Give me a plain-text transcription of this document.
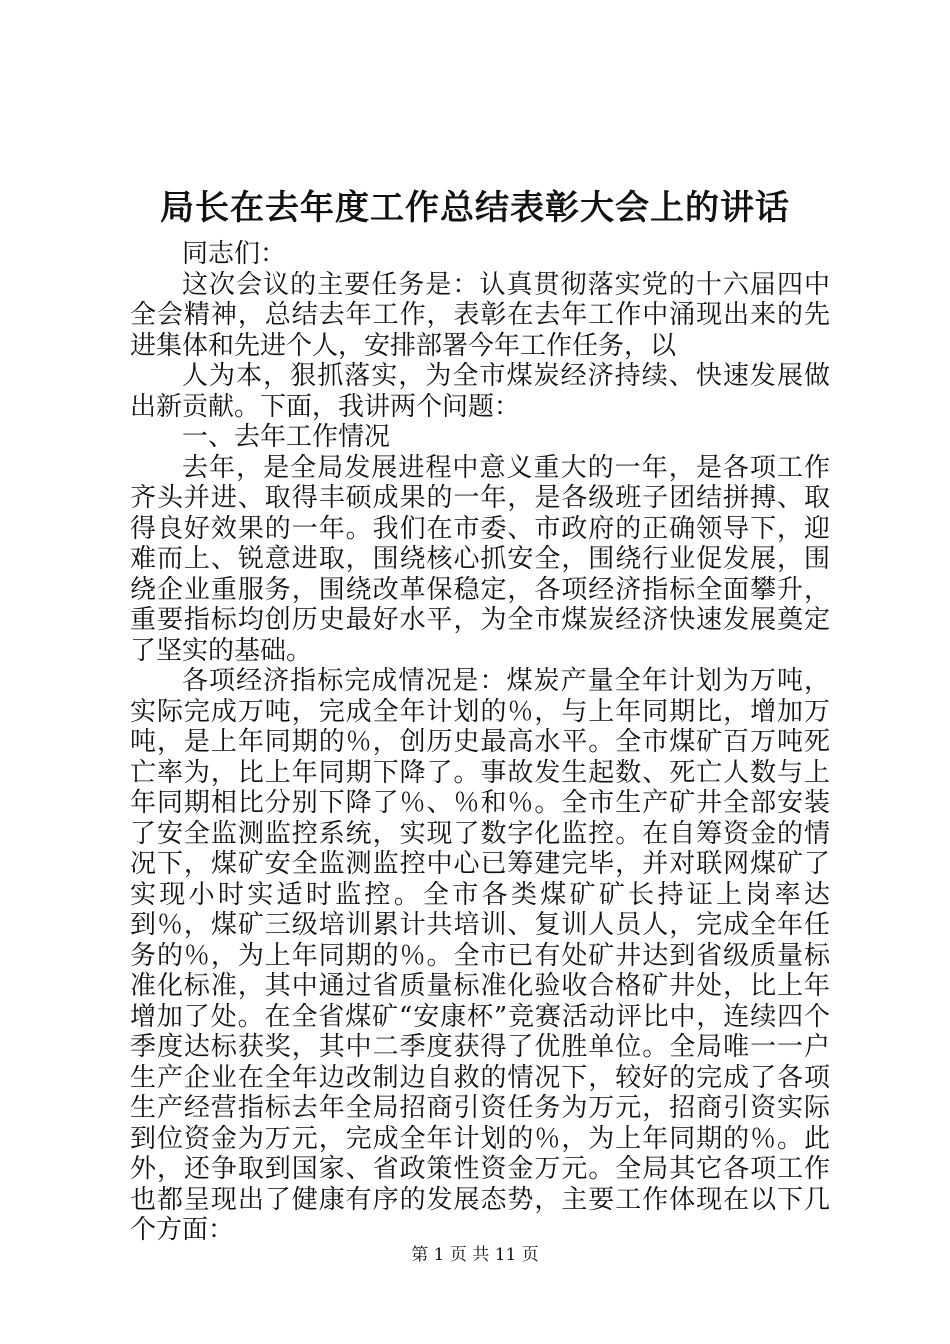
局长在去年度工作总结表彰大会上的讲话

同志们：

这次会议的主要任务是：认真贯彻落实党的十六届四中全会精神，总结去年工作，表彰在去年工作中涌现出来的先进集体和先进个人，安排部署今年工作任务，以

人为本，狠抓落实，为全市煤炭经济持续、快速发展做出新贡献。下面，我讲两个问题：

一、去年工作情况

去年，是全局发展进程中意义重大的一年，是各项工作齐头并进、取得丰硕成果的一年，是各级班子团结拼搏、取得良好效果的一年。我们在市委、市政府的正确领导下，迎难而上、锐意进取，围绕核心抓安全，围绕行业促发展，围绕企业重服务，围绕改革保稳定，各项经济指标全面攀升，重要指标均创历史最好水平，为全市煤炭经济快速发展奠定了坚实的基础。

各项经济指标完成情况是：煤炭产量全年计划为万吨，实际完成万吨，完成全年计划的％，与上年同期比，增加万吨，是上年同期的％，创历史最高水平。全市煤矿百万吨死亡率为，比上年同期下降了。事故发生起数、死亡人数与上年同期相比分别下降了％、％和％。全市生产矿井全部安装了安全监测监控系统，实现了数字化监控。在自筹资金的情况下，煤矿安全监测监控中心已筹建完毕，并对联网煤矿了实现小时实适时监控。全市各类煤矿矿长持证上岗率达到％，煤矿三级培训累计共培训、复训人员人，完成全年任务的％，为上年同期的％。全市已有处矿井达到省级质量标准化标准，其中通过省质量标准化验收合格矿井处，比上年增加了处。在全省煤矿“安康杯”竞赛活动评比中，连续四个季度达标获奖，其中二季度获得了优胜单位。全局唯一一户生产企业在全年边改制边自救的情况下，较好的完成了各项生产经营指标去年全局招商引资任务为万元，招商引资实际到位资金为万元，完成全年计划的％，为上年同期的％。此外，还争取到国家、省政策性资金万元。全局其它各项工作也都呈现出了健康有序的发展态势，主要工作体现在以下几个方面：

第 1 页 共 11 页
